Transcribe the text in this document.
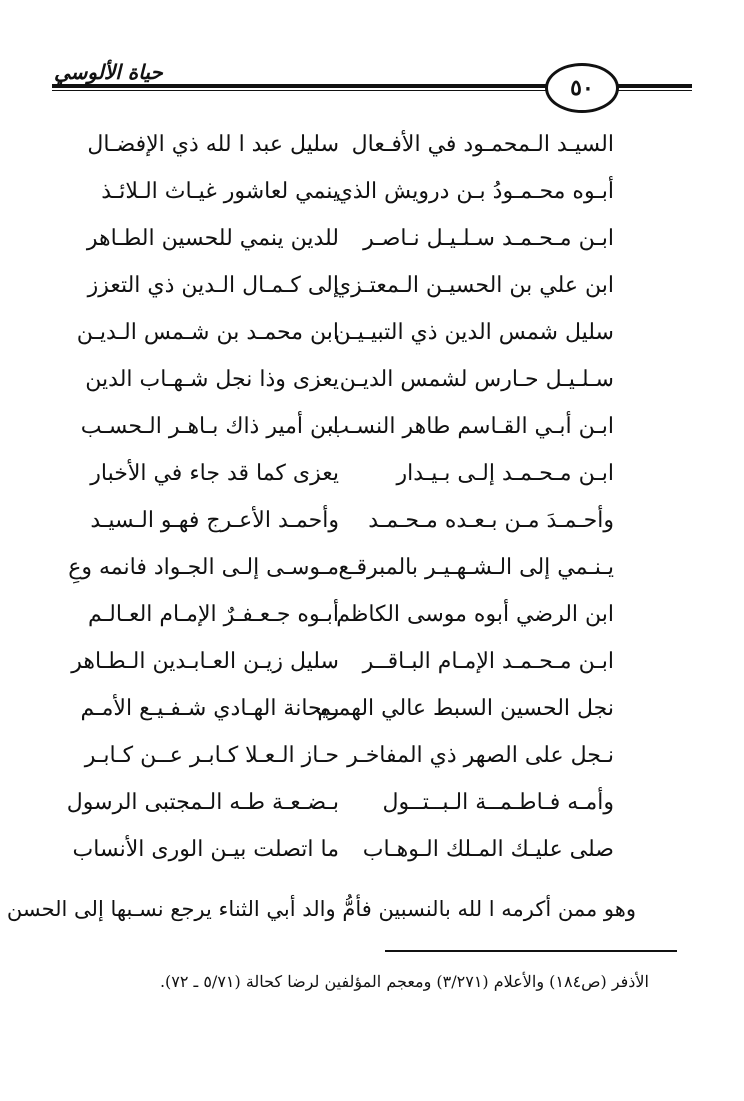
حياة الألوسي
٥٠
السيـد الـمحمـود في الأفـعال
سليل عبد ا لله ذي الإفضـال
أبـوه محـمـودُ بـن درويش الذي
ينمي لعاشور غيـاث الـلائـذ
ابـن مـحـمـد سـلـيـل نـاصـر
للدين ينمي للحسين الطـاهر
ابن علي بن الحسيـن الـمعتـزي
إلى كـمـال الـدين ذي التعزز
سليل شمس الدين ذي التبيـيـن
ابن محمـد بن شـمس الـديـن
سـلـيـل حـارس لشمس الديـن
يعزى وذا نجل شـهـاب الدين
ابـن أبـي القـاسم طاهر النسـب
ابن أمير ذاك بـاهـر الـحسـب
ابـن مـحـمـد إلـى بـيـدار
يعزى كما قد جاء في الأخبار
وأحـمـدَ مـن بـعـده مـحـمـد
وأحمـد الأعـرج فهـو الـسيـد
يـنـمي إلى الـشـهـيـر بالمبرقـع
مـوسـى إلـى الجـواد فانمه وعِ
ابن الرضي أبوه موسى الكاظم
أبـوه جـعـفـرٌ الإمـام العـالـم
ابـن مـحـمـد الإمـام البـاقــر
سليل زيـن العـابـدين الـطـاهر
نجل الحسين السبط عالي الهمـم
ريحانة الهـادي شـفـيـع الأمـم
نـجل على الصهر ذي المفاخـر
حـاز الـعـلا كـابـر عــن كـابـر
وأمـه فـاطـمــة الـبــتــول
بـضـعـة طـه الـمجتبى الرسول
صلى عليـك المـلك الـوهـاب
ما اتصلت بيـن الورى الأنساب
وهو ممن أكرمه ا لله بالنسبين فأمُّ والد أبي الثناء يرجع نسـبها إلى الحسن
الأذفر (ص١٨٤) والأعلام (٣/٢٧١) ومعجم المؤلفين لرضا كحالة (٥/٧١ ـ ٧٢).
